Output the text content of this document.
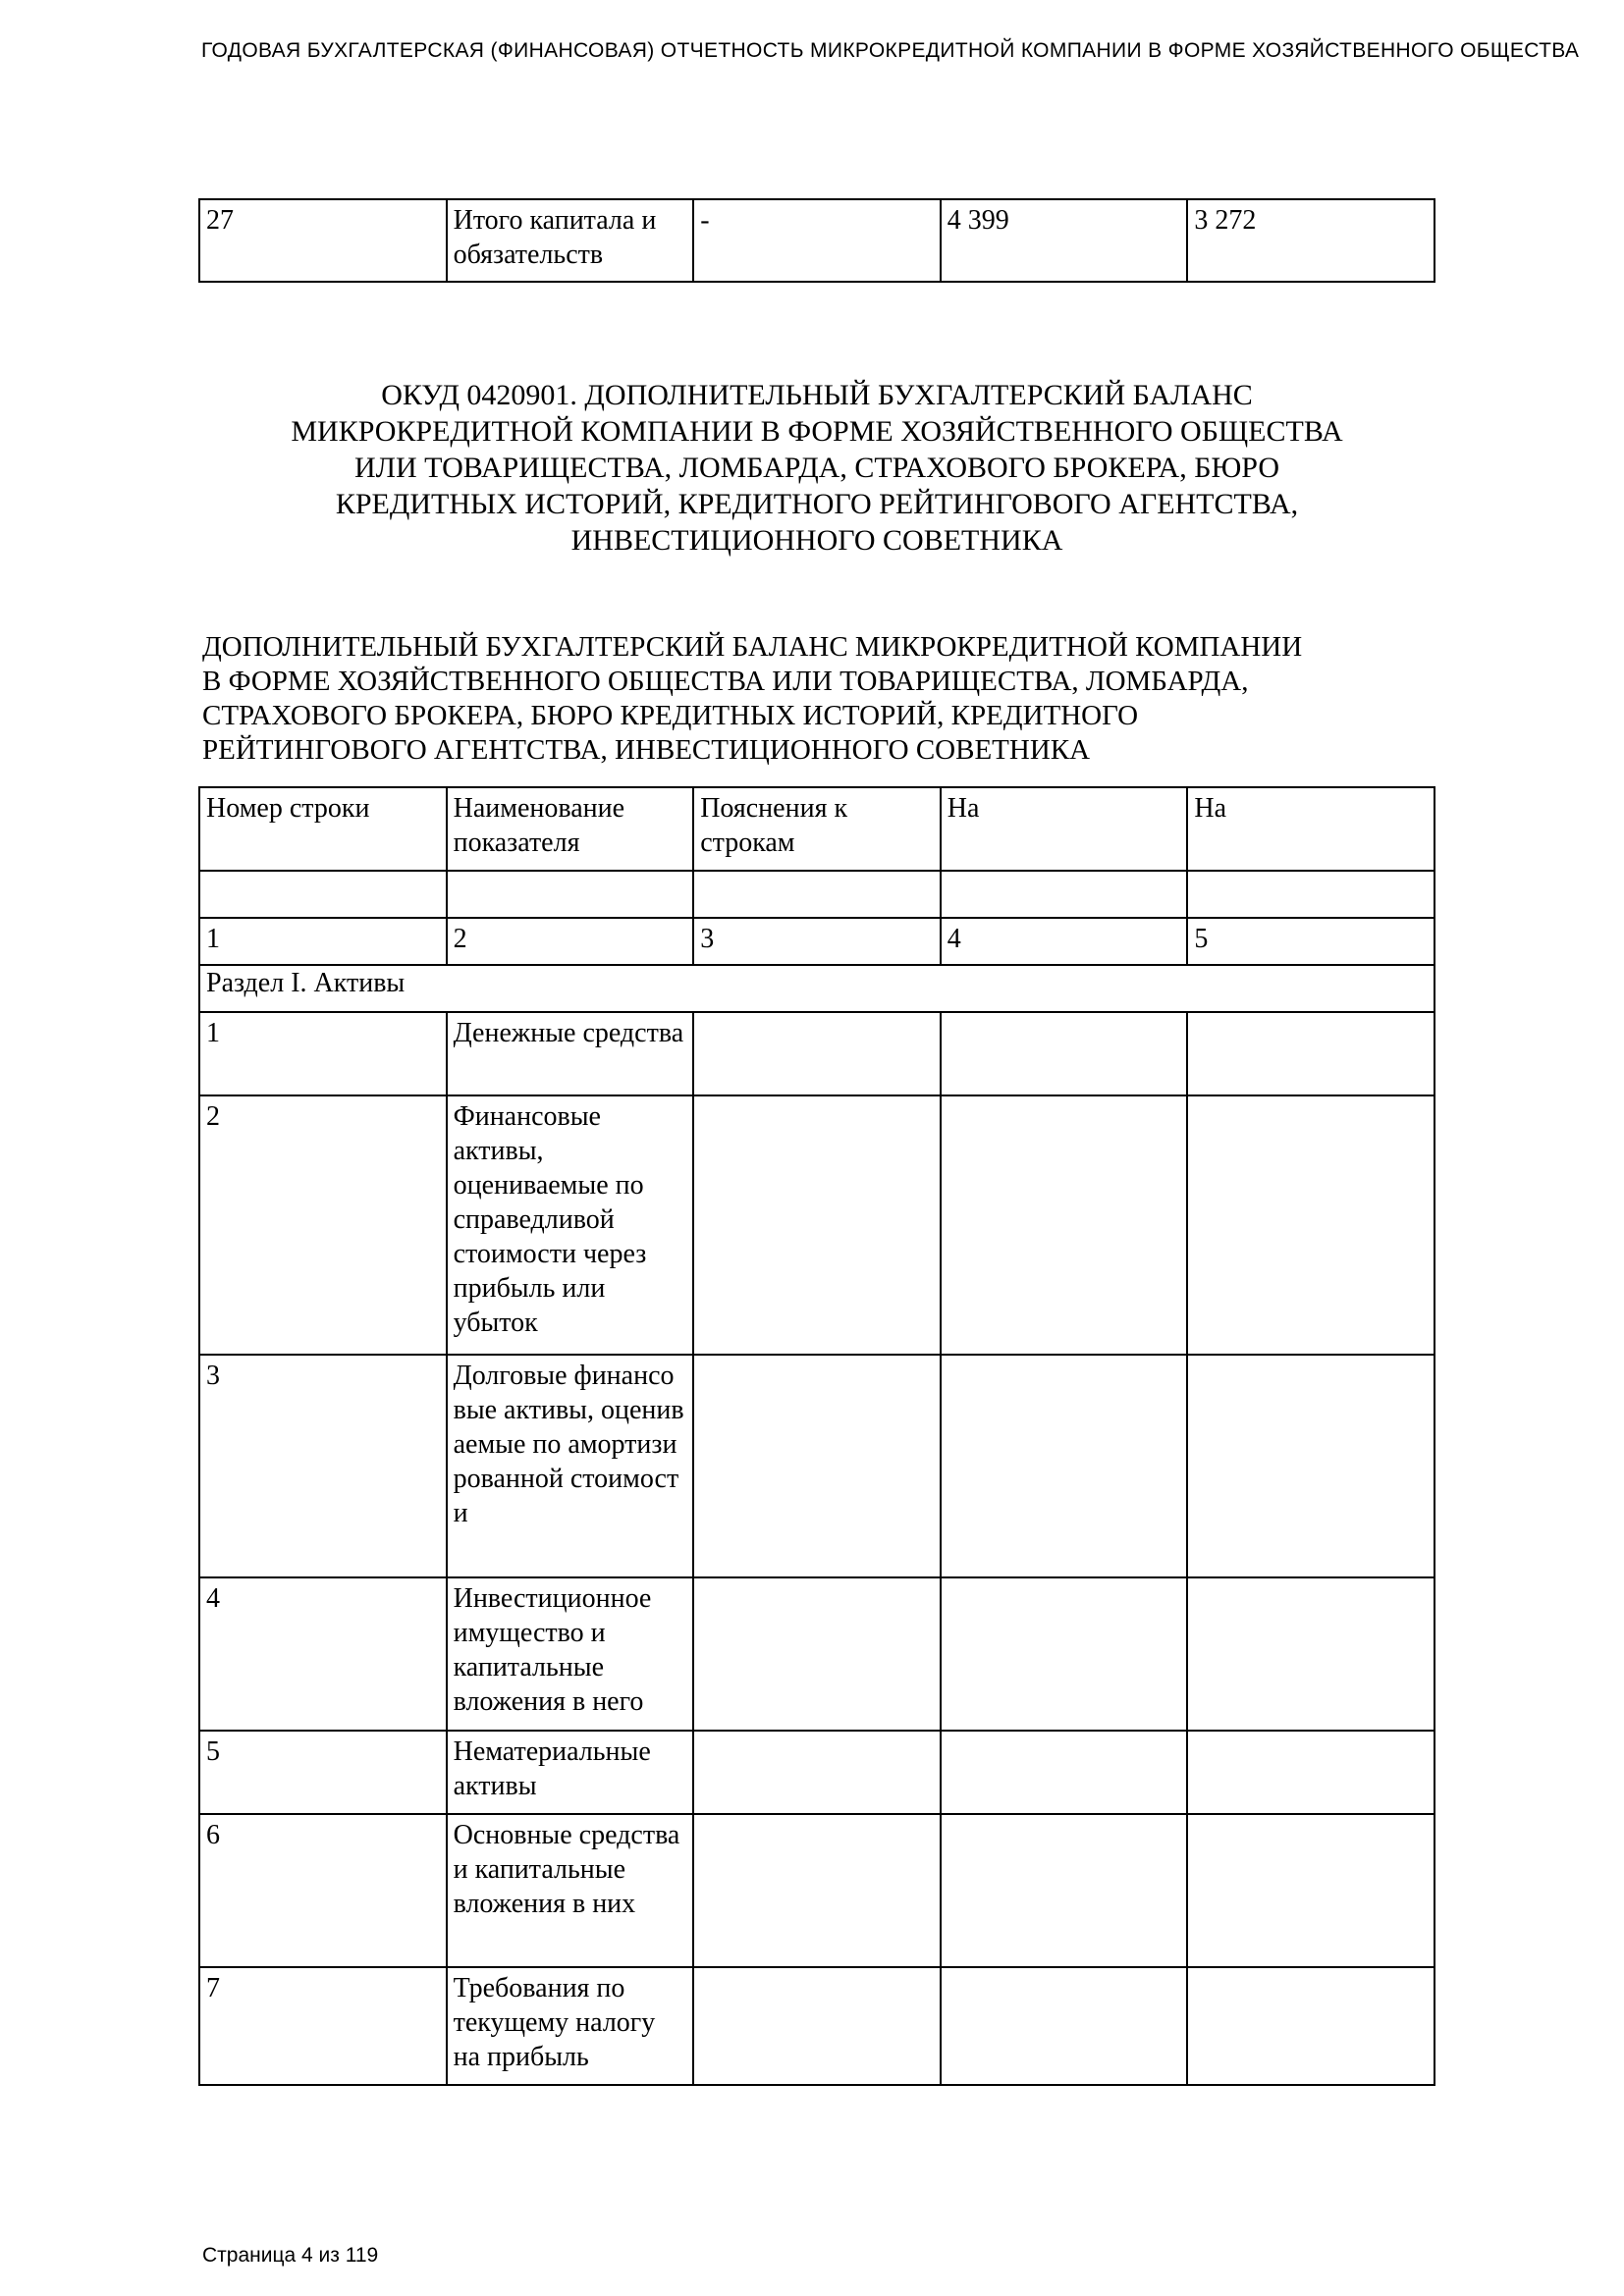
ГОДОВАЯ БУХГАЛТЕРСКАЯ (ФИНАНСОВАЯ) ОТЧЕТНОСТЬ МИКРОКРЕДИТНОЙ КОМПАНИИ В ФОРМЕ ХОЗЯЙСТВЕННОГО ОБЩЕСТВА
27	Итого капитала и обязательств	-	4 399	3 272
ОКУД 0420901. ДОПОЛНИТЕЛЬНЫЙ БУХГАЛТЕРСКИЙ БАЛАНС
МИКРОКРЕДИТНОЙ КОМПАНИИ В ФОРМЕ ХОЗЯЙСТВЕННОГО ОБЩЕСТВА
ИЛИ ТОВАРИЩЕСТВА, ЛОМБАРДА, СТРАХОВОГО БРОКЕРА, БЮРО
КРЕДИТНЫХ ИСТОРИЙ, КРЕДИТНОГО РЕЙТИНГОВОГО АГЕНТСТВА,
ИНВЕСТИЦИОННОГО СОВЕТНИКА
ДОПОЛНИТЕЛЬНЫЙ БУХГАЛТЕРСКИЙ БАЛАНС МИКРОКРЕДИТНОЙ КОМПАНИИ
В ФОРМЕ ХОЗЯЙСТВЕННОГО ОБЩЕСТВА ИЛИ ТОВАРИЩЕСТВА, ЛОМБАРДА,
СТРАХОВОГО БРОКЕРА, БЮРО КРЕДИТНЫХ ИСТОРИЙ, КРЕДИТНОГО
РЕЙТИНГОВОГО АГЕНТСТВА, ИНВЕСТИЦИОННОГО СОВЕТНИКА
Номер строки	Наименование показателя	Пояснения к строкам	На	На

1	2	3	4	5
Раздел I. Активы				
1	Денежные средства			
2	Финансовые активы, оцениваемые по справедливой стоимости через прибыль или убыток			
3	Долговые финансовые активы, оцениваемые по амортизированной стоимости			
4	Инвестиционное имущество и капитальные вложения в него			
5	Нематериальные активы			
6	Основные средства и капитальные вложения в них			
7	Требования по текущему налогу на прибыль			
Страница 4 из 119
